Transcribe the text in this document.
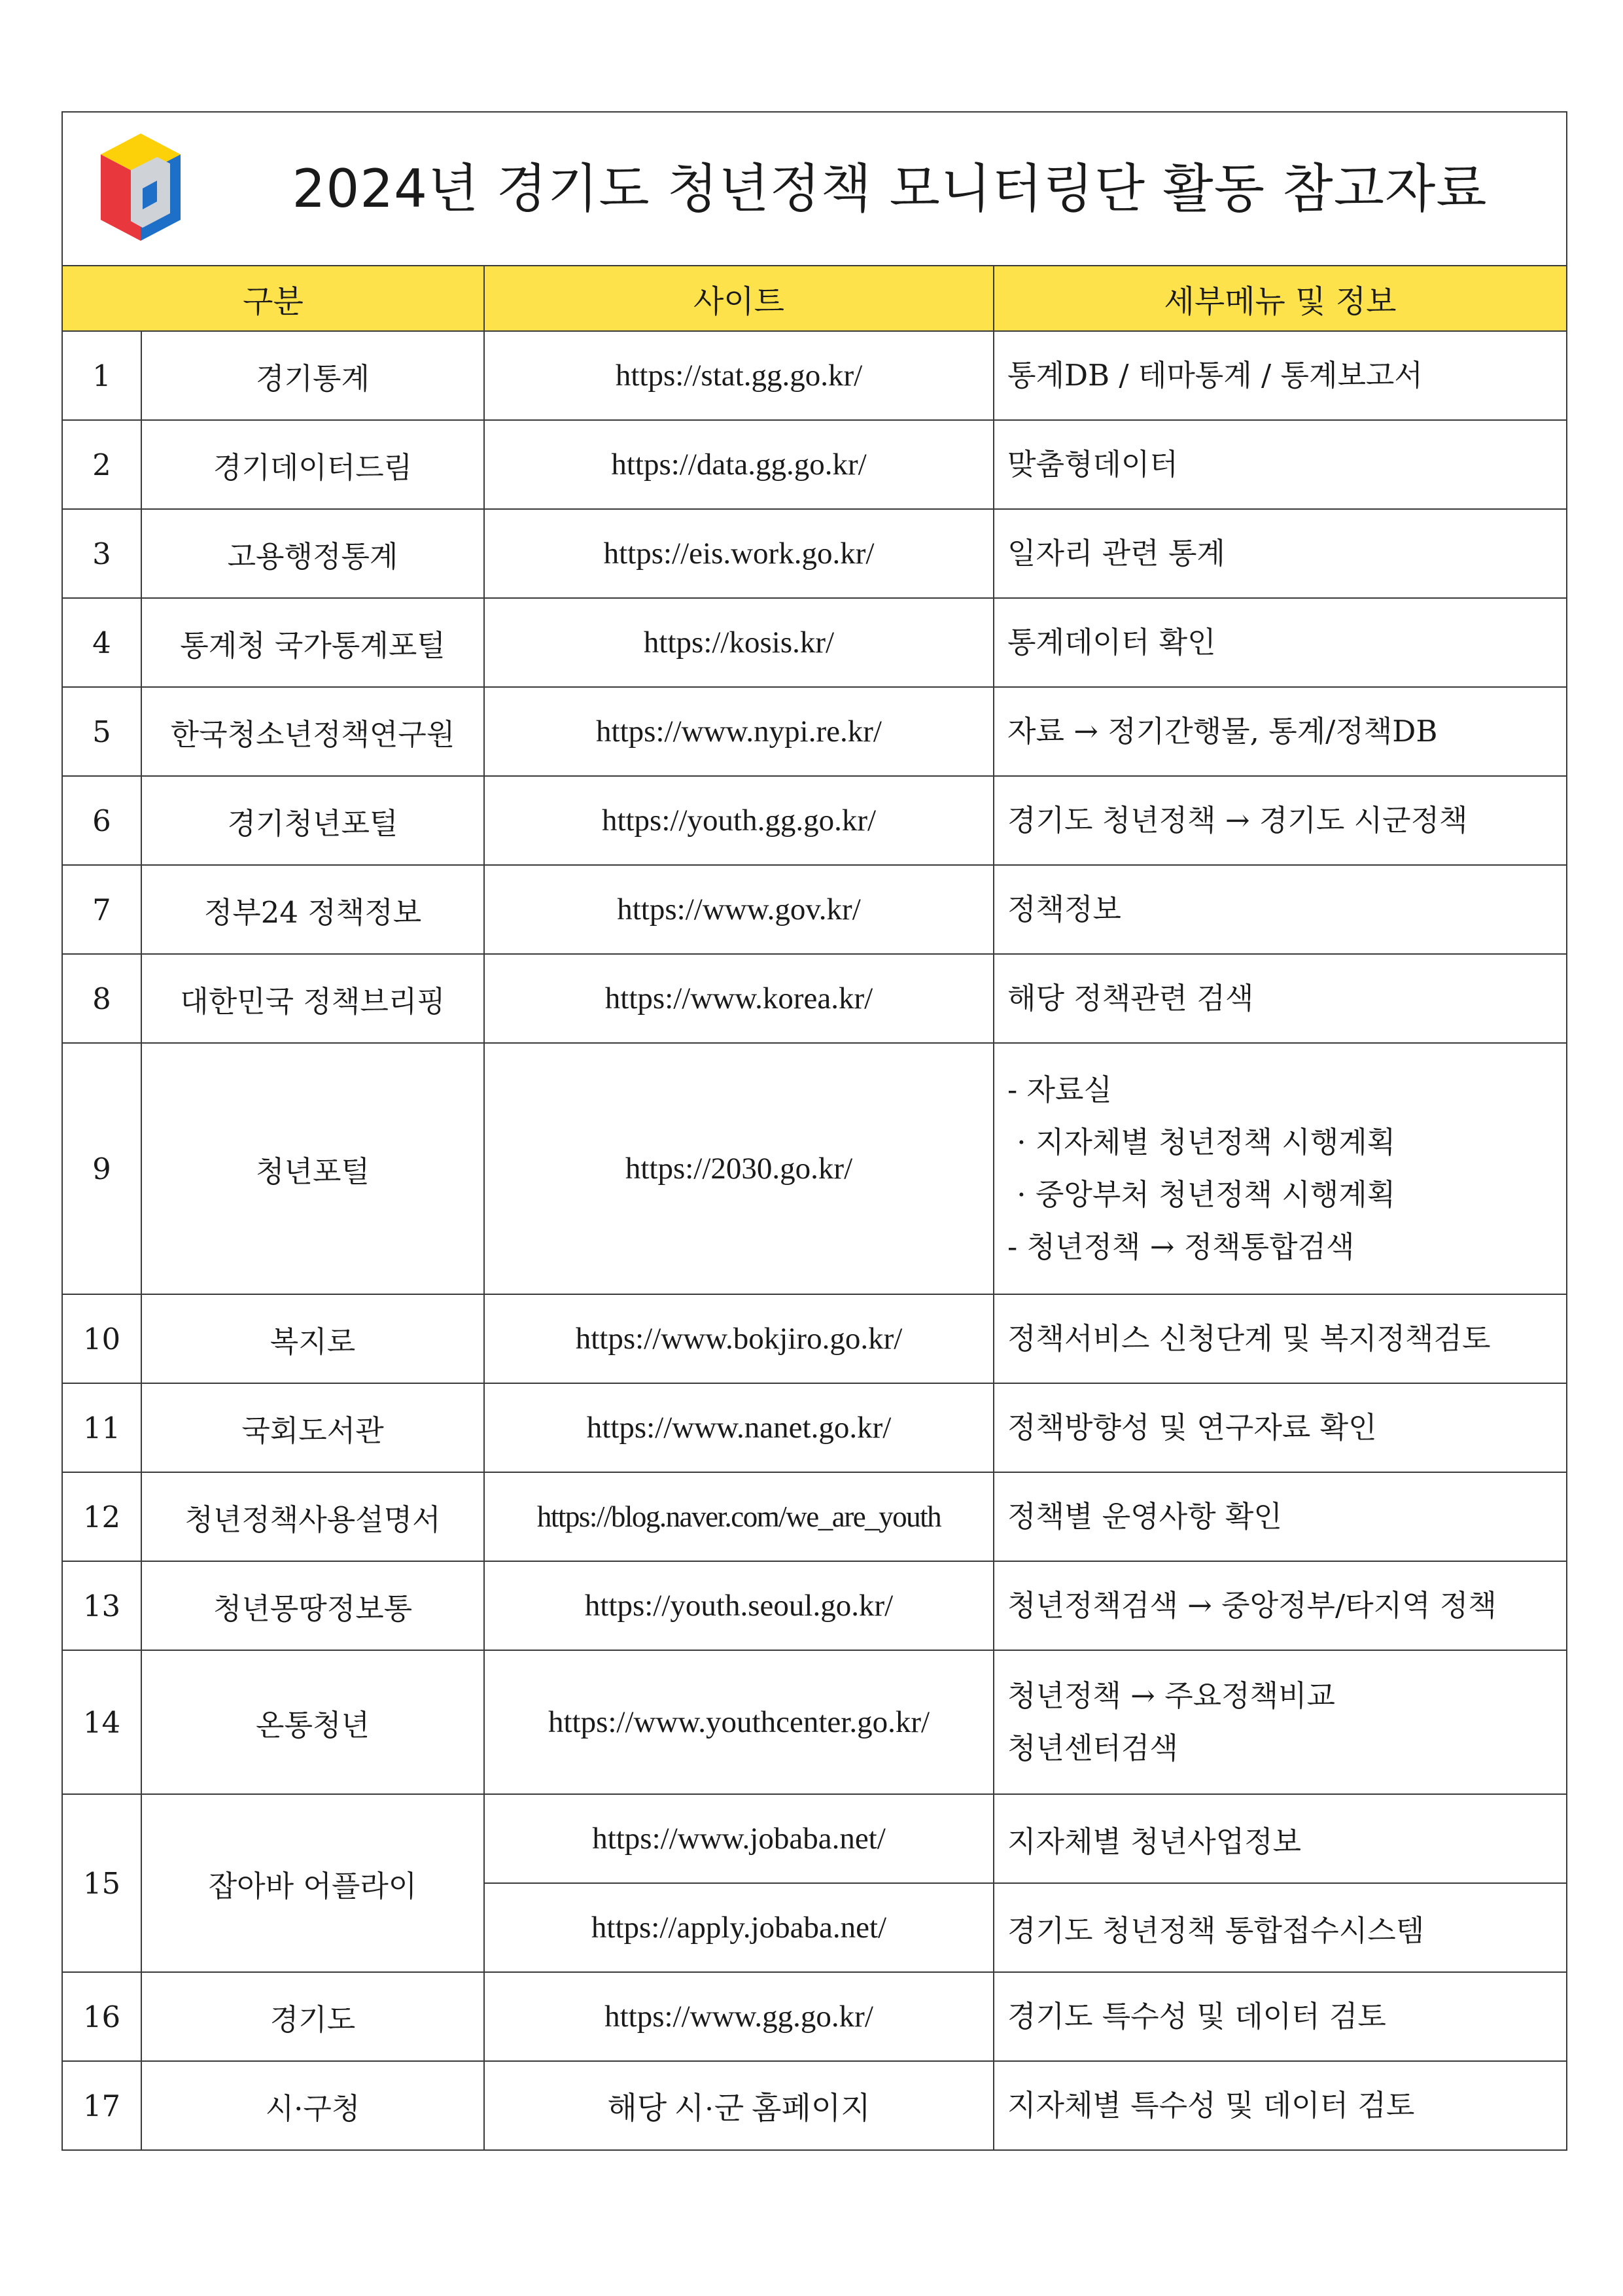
2024년 경기도 청년정책 모니터링단 활동 참고자료			

구분		사이트	세부메뉴 및 정보
1	경기통계	https://stat.gg.go.kr/	통계DB / 테마통계 / 통계보고서

2	경기데이터드림	https://data.gg.go.kr/	맞춤형데이터

3	고용행정통계	https://eis.work.go.kr/	일자리 관련 통계

4	통계청 국가통계포털	https://kosis.kr/	통계데이터 확인

5	한국청소년정책연구원	https://www.nypi.re.kr/	자료 → 정기간행물, 통계/정책DB

6	경기청년포털	https://youth.gg.go.kr/	경기도 청년정책 → 경기도 시군정책

7	정부24 정책정보	https://www.gov.kr/	정책정보

8	대한민국 정책브리핑	https://www.korea.kr/	해당 정책관련 검색

9	청년포털	https://2030.go.kr/	- 자료실
· 지자체별 청년정책 시행계획
· 중앙부처 청년정책 시행계획
- 청년정책 → 정책통합검색

10	복지로	https://www.bokjiro.go.kr/	정책서비스 신청단계 및 복지정책검토

11	국회도서관	https://www.nanet.go.kr/	정책방향성 및 연구자료 확인

12	청년정책사용설명서	https://blog.naver.com/we_are_youth	정책별 운영사항 확인

13	청년몽땅정보통	https://youth.seoul.go.kr/	청년정책검색 → 중앙정부/타지역 정책

14	온통청년	https://www.youthcenter.go.kr/	청년정책 → 주요정책비교
청년센터검색

15	잡아바 어플라이	https://www.jobaba.net/	지자체별 청년사업정보
		https://apply.jobaba.net/	경기도 청년정책 통합접수시스템
16	경기도	https://www.gg.go.kr/	경기도 특수성 및 데이터 검토

17	시·구청	해당 시·군 홈페이지	지자체별 특수성 및 데이터 검토
